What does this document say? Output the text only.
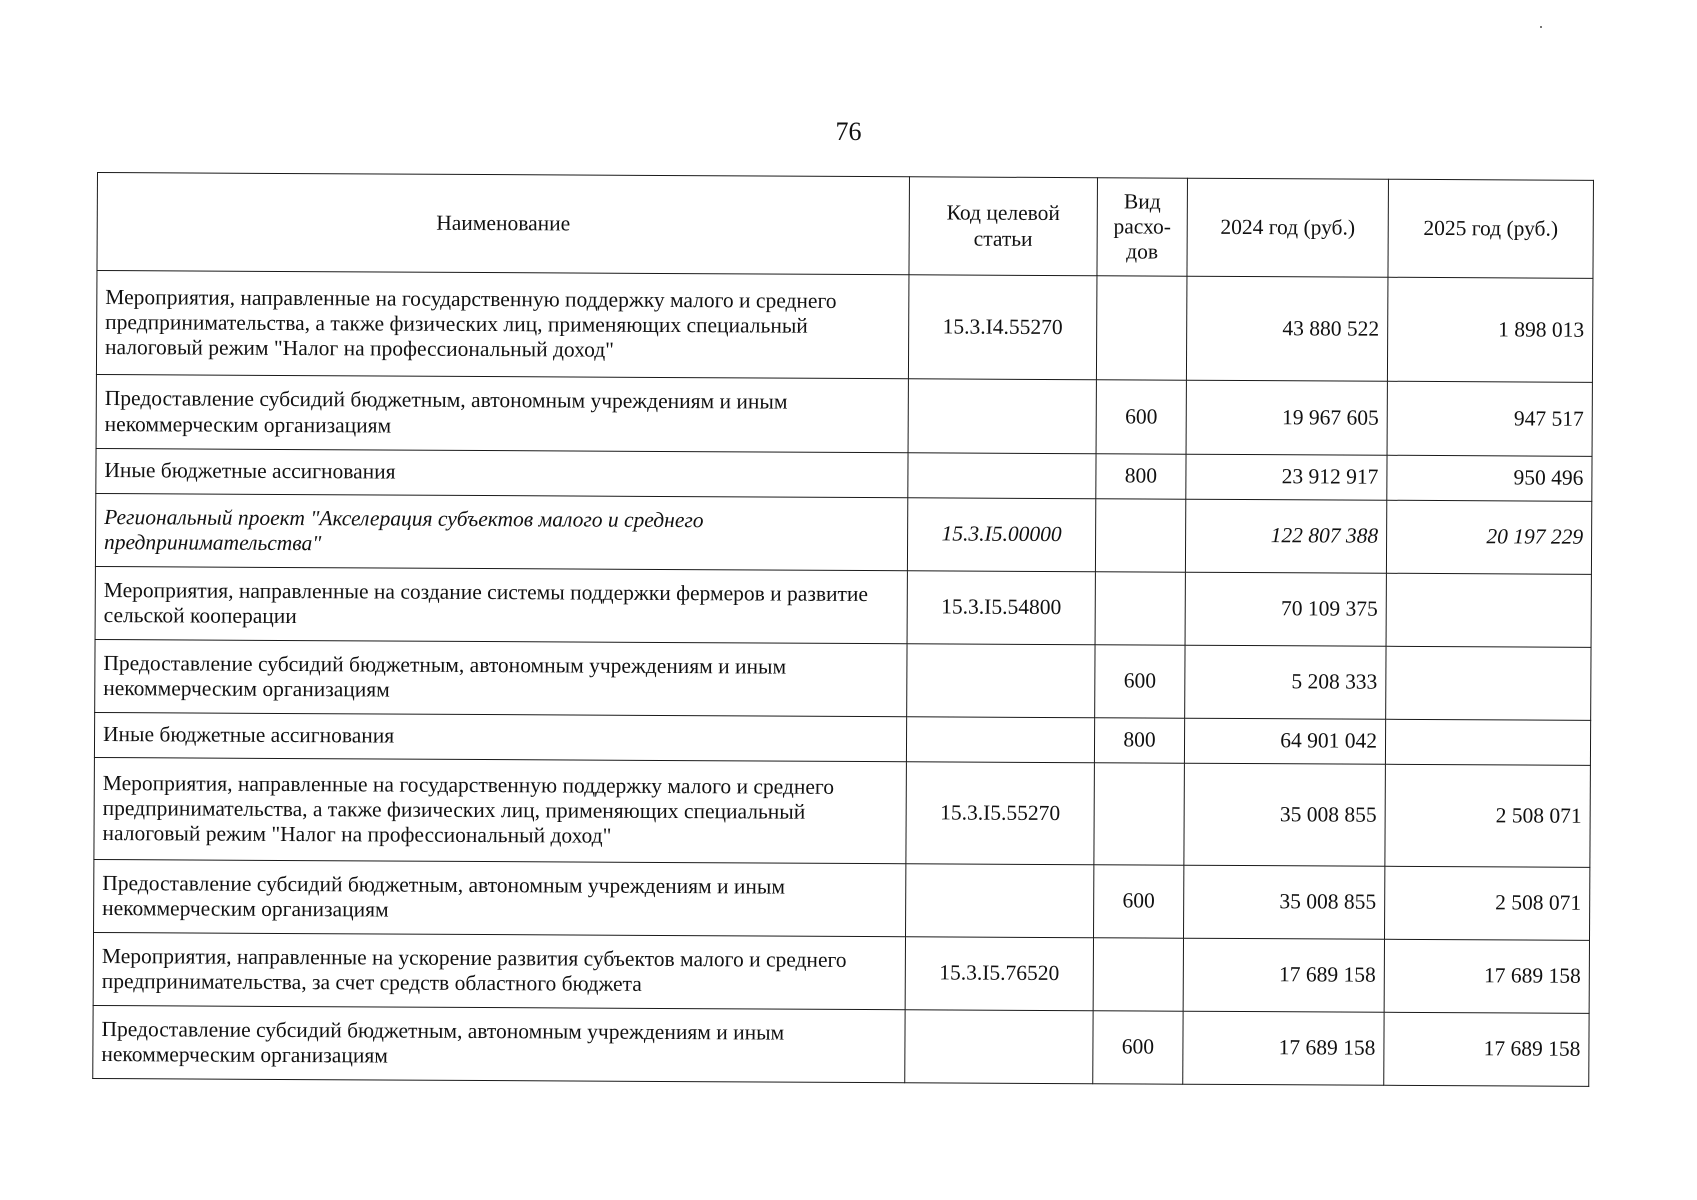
76
Наименование	Код целевой статьи	Вид расхо-дов	2024 год (руб.)	2025 год (руб.)
Мероприятия, направленные на государственную поддержку малого и среднего предпринимательства, а также физических лиц, применяющих специальный налоговый режим "Налог на профессиональный доход"	15.3.I4.55270		43 880 522	1 898 013
Предоставление субсидий бюджетным, автономным учреждениям и иным некоммерческим организациям		600	19 967 605	947 517
Иные бюджетные ассигнования		800	23 912 917	950 496
Региональный проект "Акселерация субъектов малого и среднего предпринимательства"	15.3.I5.00000		122 807 388	20 197 229
Мероприятия, направленные на создание системы поддержки фермеров и развитие сельской кооперации	15.3.I5.54800		70 109 375	
Предоставление субсидий бюджетным, автономным учреждениям и иным некоммерческим организациям		600	5 208 333	
Иные бюджетные ассигнования		800	64 901 042	
Мероприятия, направленные на государственную поддержку малого и среднего предпринимательства, а также физических лиц, применяющих специальный налоговый режим "Налог на профессиональный доход"	15.3.I5.55270		35 008 855	2 508 071
Предоставление субсидий бюджетным, автономным учреждениям и иным некоммерческим организациям		600	35 008 855	2 508 071
Мероприятия, направленные на ускорение развития субъектов малого и среднего предпринимательства, за счет средств областного бюджета	15.3.I5.76520		17 689 158	17 689 158
Предоставление субсидий бюджетным, автономным учреждениям и иным некоммерческим организациям		600	17 689 158	17 689 158
